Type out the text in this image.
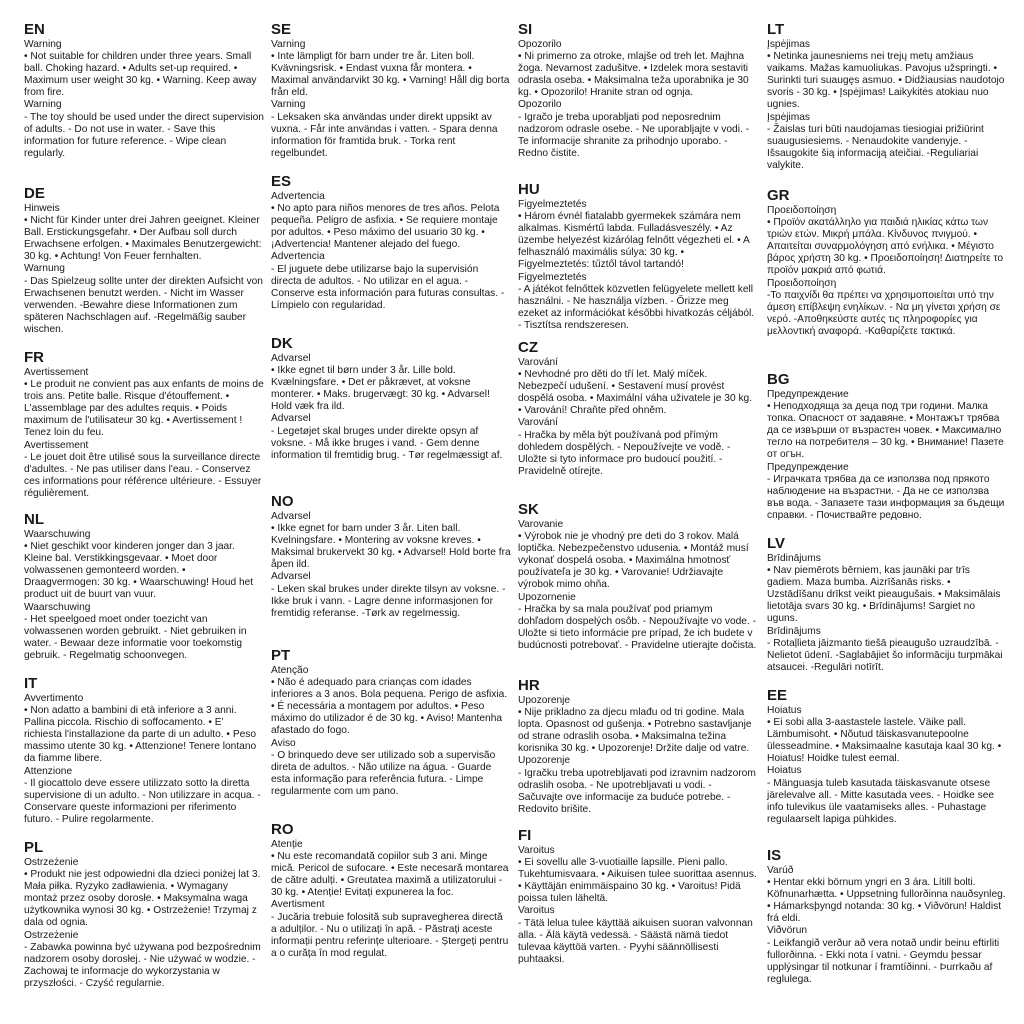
EN

Warning

• Not suitable for children under three years. Small ball. Choking hazard. • Adults set-up required. • Maximum user weight 30 kg. • Warning. Keep away from fire.

Warning

- The toy should be used under the direct supervision of adults. - Do not use in water. - Save this information for future reference. - Wipe clean regularly.

DE

Hinweis

• Nicht für Kinder unter drei Jahren geeignet. Kleiner Ball. Erstickungsgefahr. • Der Aufbau soll durch Erwachsene erfolgen. • Maximales Benutzergewicht: 30 kg. • Achtung! Von Feuer fernhalten.

Warnung

- Das Spielzeug sollte unter der direkten Aufsicht von Erwachsenen benutzt werden. - Nicht im Wasser verwenden. -Bewahre diese Informationen zum späteren Nachschlagen auf. -Regelmäßig sauber wischen.

FR

Avertissement

• Le produit ne convient pas aux enfants de moins de trois ans. Petite balle. Risque d'étouffement. • L'assemblage par des adultes requis. • Poids maximum de l'utilisateur 30 kg. • Avertissement ! Tenez loin du feu.

Avertissement

- Le jouet doit être utilisé sous la surveillance directe d'adultes. - Ne pas utiliser dans l'eau. - Conservez ces informations pour référence ultérieure. - Essuyer régulièrement.

NL

Waarschuwing

• Niet geschikt voor kinderen jonger dan 3 jaar. Kleine bal. Verstikkingsgevaar. • Moet door volwassenen gemonteerd worden. • Draagvermogen: 30 kg. • Waarschuwing! Houd het product uit de buurt van vuur.

Waarschuwing

- Het speelgoed moet onder toezicht van volwassenen worden gebruikt. - Niet gebruiken in water. - Bewaar deze informatie voor toekomstig gebruik. - Regelmatig schoonvegen.

IT

Avvertimento

• Non adatto a bambini di età inferiore a 3 anni. Pallina piccola. Rischio di soffocamento. • E' richiesta l'installazione da parte di un adulto. • Peso massimo utente 30 kg. • Attenzione! Tenere lontano da fiamme libere.

Attenzione

- Il giocattolo deve essere utilizzato sotto la diretta supervisione di un adulto. - Non utilizzare in acqua. - Conservare queste informazioni per riferimento futuro. - Pulire regolarmente.

PL

Ostrzeżenie

• Produkt nie jest odpowiedni dla dzieci poniżej lat 3. Mała piłka. Ryzyko zadławienia. • Wymagany montaż przez osoby dorosłe. • Maksymalna waga użytkownika wynosi 30 kg. • Ostrzeżenie! Trzymaj z dala od ognia.

Ostrzeżenie

- Zabawka powinna być używana pod bezpośrednim nadzorem osoby dorosłej. - Nie używać w wodzie. - Zachowaj te informacje do wykorzystania w przyszłości. - Czyść regularnie.

SE

Varning

• Inte lämpligt för barn under tre år. Liten boll. Kvävningsrisk. • Endast vuxna får montera. • Maximal användarvikt 30 kg. • Varning! Håll dig borta från eld.

Varning

- Leksaken ska användas under direkt uppsikt av vuxna. - Får inte användas i vatten. - Spara denna information för framtida bruk. - Torka rent regelbundet.

ES

Advertencia

• No apto para niños menores de tres años. Pelota pequeña. Peligro de asfixia. • Se requiere montaje por adultos. • Peso máximo del usuario 30 kg. • ¡Advertencia! Mantener alejado del fuego.

Advertencia

- El juguete debe utilizarse bajo la supervisión directa de adultos. - No utilizar en el agua. - Conserve esta información para futuras consultas. - Límpielo con regularidad.

DK

Advarsel

• Ikke egnet til børn under 3 år. Lille bold. Kvælningsfare. • Det er påkrævet, at voksne monterer. • Maks. brugervægt: 30 kg. • Advarsel! Hold væk fra ild.

Advarsel

- Legetøjet skal bruges under direkte opsyn af voksne. - Må ikke bruges i vand. - Gem denne information til fremtidig brug. - Tør regelmæssigt af.

NO

Advarsel

• Ikke egnet for barn under 3 år. Liten ball. Kvelningsfare. • Montering av voksne kreves. • Maksimal brukervekt 30 kg. • Advarsel! Hold borte fra åpen ild.

Advarsel

- Leken skal brukes under direkte tilsyn av voksne. - Ikke bruk i vann. - Lagre denne informasjonen for fremtidig referanse. -Tørk av regelmessig.

PT

Atenção

• Não é adequado para crianças com idades inferiores a 3 anos. Bola pequena. Perigo de asfixia. • É necessária a montagem por adultos. • Peso máximo do utilizador é de 30 kg. • Aviso! Mantenha afastado do fogo.

Aviso

- O brinquedo deve ser utilizado sob a supervisão direta de adultos. - Não utilize na água. - Guarde esta informação para referência futura. - Limpe regularmente com um pano.

RO

Atenție

• Nu este recomandată copiilor sub 3 ani. Minge mică. Pericol de sufocare. • Este necesară montarea de către adulți. • Greutatea maximă a utilizatorului - 30 kg. • Atenție! Evitați expunerea la foc.

Avertisment

- Jucăria trebuie folosită sub supravegherea directă a adulților. - Nu o utilizați în apă. - Păstrați aceste informații pentru referințe ulterioare. - Ștergeți pentru a o curăța în mod regulat.

SI

Opozorilo

• Ni primerno za otroke, mlajše od treh let. Majhna žoga. Nevarnost zadušitve. • Izdelek mora sestaviti odrasla oseba. • Maksimalna teža uporabnika je 30 kg. • Opozorilo! Hranite stran od ognja.

Opozorilo

- Igračo je treba uporabljati pod neposrednim nadzorom odrasle osebe. - Ne uporabljajte v vodi. - Te informacije shranite za prihodnjo uporabo. - Redno čistite.

HU

Figyelmeztetés

• Három évnél fiatalabb gyermekek számára nem alkalmas. Kismértű labda. Fulladásveszély. • Az üzembe helyezést kizárólag felnőtt végezheti el. • A felhasználó maximális súlya: 30 kg. • Figyelmeztetés: tűztől távol tartandó!

Figyelmeztetés

- A játékot felnőttek közvetlen felügyelete mellett kell használni. - Ne használja vízben. - Őrizze meg ezeket az információkat későbbi hivatkozás céljából. - Tisztítsa rendszeresen.

CZ

Varování

• Nevhodné pro děti do tří let. Malý míček. Nebezpečí udušení. • Sestavení musí provést dospělá osoba. • Maximální váha uživatele je 30 kg. • Varování! Chraňte před ohněm.

Varování

- Hračka by měla být používaná pod přímým dohledem dospělých. - Nepoužívejte ve vodě. - Uložte si tyto informace pro budoucí použití. - Pravidelně otírejte.

SK

Varovanie

• Výrobok nie je vhodný pre deti do 3 rokov. Malá loptička. Nebezpečenstvo udusenia. • Montáž musí vykonať dospelá osoba. • Maximálna hmotnosť používateľa je 30 kg. • Varovanie! Udržiavajte výrobok mimo ohňa.

Upozornenie

- Hračka by sa mala používať pod priamym dohľadom dospelých osôb. - Nepoužívajte vo vode. - Uložte si tieto informácie pre prípad, že ich budete v budúcnosti potrebovať. - Pravidelne utierajte dočista.

HR

Upozorenje

• Nije prikladno za djecu mlađu od tri godine. Mala lopta. Opasnost od gušenja. • Potrebno sastavljanje od strane odraslih osoba. • Maksimalna težina korisnika 30 kg. • Upozorenje! Držite dalje od vatre.

Upozorenje

- Igračku treba upotrebljavati pod izravnim nadzorom odraslih osoba. - Ne upotrebljavati u vodi. - Sačuvajte ove informacije za buduće potrebe. - Redovito brišite.

FI

Varoitus

• Ei sovellu alle 3-vuotiaille lapsille. Pieni pallo. Tukehtumisvaara. • Aikuisen tulee suorittaa asennus. • Käyttäjän enimmäispaino 30 kg. • Varoitus! Pidä poissa tulen läheltä.

Varoitus

- Tätä lelua tulee käyttää aikuisen suoran valvonnan alla. - Älä käytä vedessä. - Säästä nämä tiedot tulevaa käyttöä varten. - Pyyhi säännöllisesti puhtaaksi.

LT

Įspėjimas

• Netinka jaunesniems nei trejų metų amžiaus vaikams. Mažas kamuoliukas. Pavojus užspringti. • Surinkti turi suaugęs asmuo. • Didžiausias naudotojo svoris - 30 kg. • Įspėjimas! Laikykitės atokiau nuo ugnies.

Įspėjimas

- Žaislas turi būti naudojamas tiesiogiai prižiūrint suaugusiesiems. - Nenaudokite vandenyje. -Išsaugokite šią informaciją ateičiai. -Reguliariai valykite.

GR

Προειδοποίηση

• Προϊόν ακατάλληλο για παιδιά ηλικίας κάτω των τριών ετών. Μικρή μπάλα. Κίνδυνος πνιγμού. • Απαιτείται συναρμολόγηση από ενήλικα. • Μέγιστο βάρος χρήστη 30 kg. • Προειδοποίηση! Διατηρείτε το προϊόν μακριά από φωτιά.

Προειδοποίηση

-Το παιχνίδι θα πρέπει να χρησιμοποιείται υπό την άμεση επίβλεψη ενηλίκων. - Να μη γίνεται χρήση σε νερό. -Αποθηκεύστε αυτές τις πληροφορίες για μελλοντική αναφορά. -Καθαρίζετε τακτικά.

BG

Предупреждение

• Неподходяща за деца под три години. Малка топка. Опасност от задавяне. • Монтажът трябва да се извърши от възрастен човек. • Максимално тегло на потребителя – 30 kg. • Внимание! Пазете от огън.

Предупреждение

- Играчката трябва да се използва под прякото наблюдение на възрастни. - Да не се използва във вода. - Запазете тази информация за бъдещи справки. - Почиствайте редовно.

LV

Brīdinājums

• Nav piemērots bērniem, kas jaunāki par trīs gadiem. Maza bumba. Aizrīšanās risks. • Uzstādīšanu drīkst veikt pieaugušais. • Maksimālais lietotāja svars 30 kg. • Brīdinājums! Sargiet no uguns.

Brīdinājums

- Rotaļlieta jāizmanto tiešā pieaugušo uzraudzībā. - Nelietot ūdenī. -Saglabājiet šo informāciju turpmākai atsaucei. -Regulāri notīrīt.

EE

Hoiatus

• Ei sobi alla 3-aastastele lastele. Väike pall. Lämbumisoht. • Nõutud täiskasvanutepoolne ülesseadmine. • Maksimaalne kasutaja kaal 30 kg. • Hoiatus! Hoidke tulest eemal.

Hoiatus

- Mänguasja tuleb kasutada täiskasvanute otsese järelevalve all. - Mitte kasutada vees. - Hoidke see info tulevikus üle vaatamiseks alles. - Puhastage regulaarselt lapiga pühkides.

IS

Varúð

• Hentar ekki börnum yngri en 3 ára. Lítill bolti. Köfnunarhætta. • Uppsetning fullorðinna nauðsynleg. • Hámarksþyngd notanda: 30 kg. • Viðvörun! Haldist frá eldi.

Viðvörun

- Leikfangið verður að vera notað undir beinu eftirliti fullorðinna. - Ekki nota í vatni. - Geymdu þessar upplýsingar til notkunar í framtíðinni. - Þurrkaðu af reglulega.
